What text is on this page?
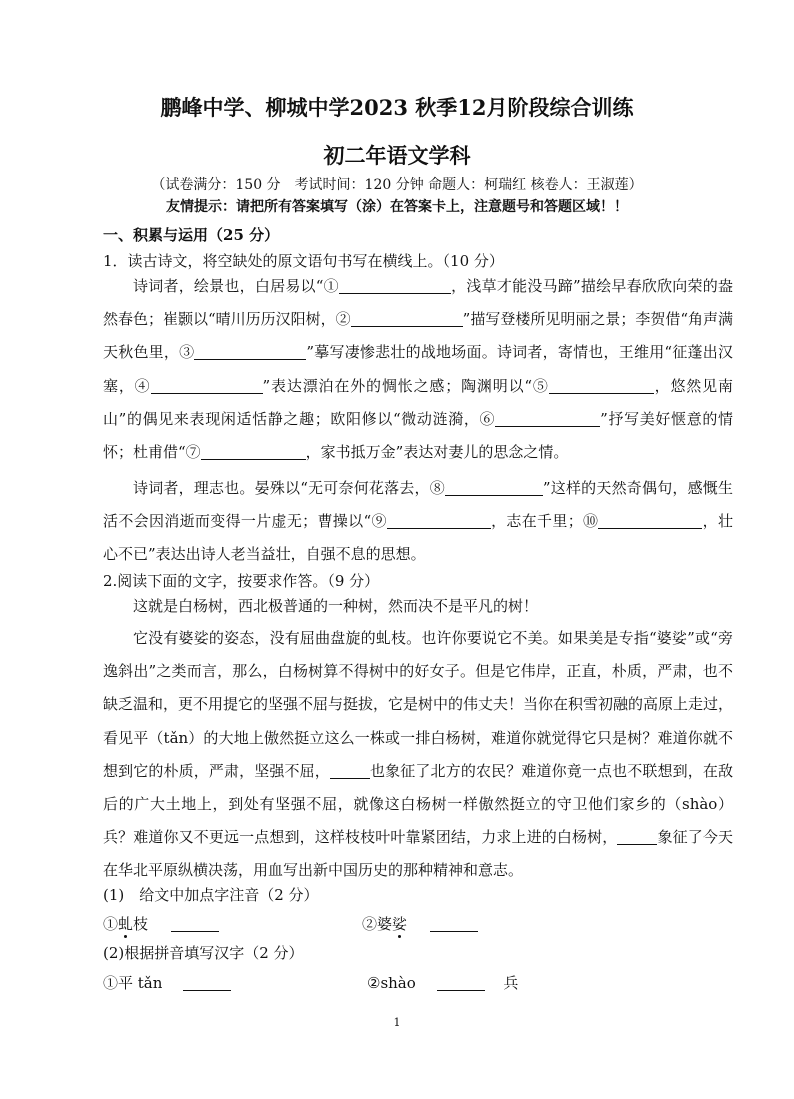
鹏峰中学、柳城中学2023 秋季12月阶段综合训练
初二年语文学科
（试卷满分：150 分　考试时间：120 分钟 命题人：柯瑞红 核卷人：王淑莲）
友情提示：请把所有答案填写（涂）在答案卡上，注意题号和答题区域！！
一、积累与运用（25 分）
1．读古诗文，将空缺处的原文语句书写在横线上。（10 分）
诗词者，绘景也，白居易以“①	，浅草才能没马蹄”描绘早春欣欣向荣的盎然春色；崔颢以“晴川历历汉阳树，②	”描写登楼所见明丽之景；李贺借“角声满天秋色里，③	”摹写凄惨悲壮的战地场面。诗词者，寄情也，王维用“征蓬出汉塞，④	”表达漂泊在外的惆怅之感；陶渊明以“⑤	，悠然见南山”的偶见来表现闲适恬静之趣；欧阳修以“微动涟漪，⑥	”抒写美好惬意的情怀；杜甫借“⑦	，家书抵万金”表达对妻儿的思念之情。
诗词者，理志也。晏殊以“无可奈何花落去，⑧	”这样的天然奇偶句，感慨生活不会因消逝而变得一片虚无；曹操以“⑨	，志在千里；⑩	，壮心不已”表达出诗人老当益壮，自强不息的思想。
2.阅读下面的文字，按要求作答。（9 分）
这就是白杨树，西北极普通的一种树，然而决不是平凡的树！
它没有婆娑的姿态，没有屈曲盘旋的虬枝。也许你要说它不美。如果美是专指“婆娑”或“旁逸斜出”之类而言，那么，白杨树算不得树中的好女子。但是它伟岸，正直，朴质，严肃，也不缺乏温和，更不用提它的坚强不屈与挺拔，它是树中的伟丈夫！当你在积雪初融的高原上走过，看见平（tǎn）的大地上傲然挺立这么一株或一排白杨树，难道你就觉得它只是树？难道你就不想到它的朴质，严肃，坚强不屈，	也象征了北方的农民？难道你竟一点也不联想到，在敌后的广大土地上，到处有坚强不屈，就像这白杨树一样傲然挺立的守卫他们家乡的（shào）兵？难道你又不更远一点想到，这样枝枝叶叶靠紧团结，力求上进的白杨树，	象征了今天在华北平原纵横决荡，用血写出新中国历史的那种精神和意志。
(1)　给文中加点字注音（2 分）
①虬枝	②婆娑
(2)根据拼音填写汉字（2 分）
①平 tǎn	②shào	兵
1
